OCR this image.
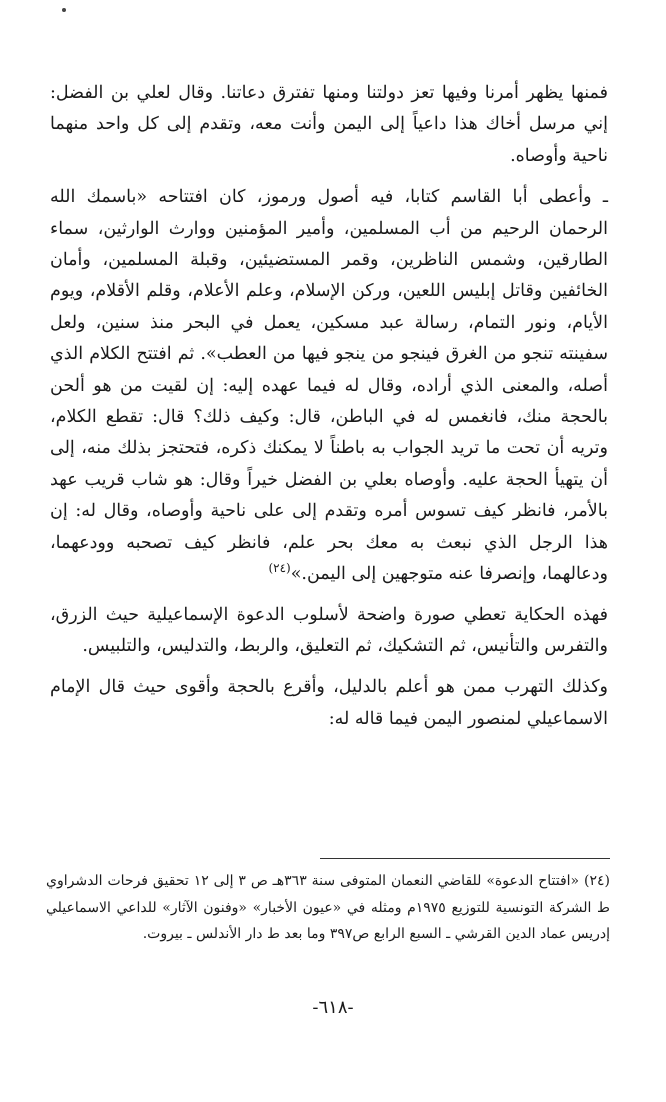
فمنها يظهر أمرنا وفيها تعز دولتنا ومنها تفترق دعاتنا. وقال لعلي بن الفضل: إني مرسل أخاك هذا داعياً إلى اليمن وأنت معه، وتقدم إلى كل واحد منهما ناحية وأوصاه.

ـ وأعطى أبا القاسم كتابا، فيه أصول ورموز، كان افتتاحه «باسمك الله الرحمان الرحيم من أب المسلمين، وأمير المؤمنين ووارث الوارثين، سماء الطارقين، وشمس الناظرين، وقمر المستضيئين، وقبلة المسلمين، وأمان الخائفين وقاتل إبليس اللعين، وركن الإسلام، وعلم الأعلام، وقلم الأقلام، ويوم الأيام، ونور التمام، رسالة عبد مسكين، يعمل في البحر منذ سنين، ولعل سفينته تنجو من الغرق فينجو من ينجو فيها من العطب». ثم افتتح الكلام الذي أصله، والمعنى الذي أراده، وقال له فيما عهده إليه: إن لقيت من هو ألحن بالحجة منك، فانغمس له في الباطن، قال: وكيف ذلك؟ قال: تقطع الكلام، وتريه أن تحت ما تريد الجواب به باطناً لا يمكنك ذكره، فتحتجز بذلك منه، إلى أن يتهيأ الحجة عليه. وأوصاه بعلي بن الفضل خيراً وقال: هو شاب قريب عهد بالأمر، فانظر كيف تسوس أمره وتقدم إلى على ناحية وأوصاه، وقال له: إن هذا الرجل الذي نبعث به معك بحر علم، فانظر كيف تصحبه وودعهما، ودعالهما، وإنصرفا عنه متوجهين إلى اليمن.»$^{(٢٤)}$

فهذه الحكاية تعطي صورة واضحة لأسلوب الدعوة الإسماعيلية حيث الزرق، والتفرس والتأنيس، ثم التشكيك، ثم التعليق، والربط، والتدليس، والتلبيس.

وكذلك التهرب ممن هو أعلم بالدليل، وأقرع بالحجة وأقوى حيث قال الإمام الاسماعيلي لمنصور اليمن فيما قاله له:

(٢٤) «افتتاح الدعوة» للقاضي النعمان المتوفى سنة ٣٦٣هـ ص ٣ إلى ١٢ تحقيق فرحات الدشراوي ط الشركة التونسية للتوزيع ١٩٧٥م ومثله في «عيون الأخبار» «وفنون الآثار» للداعي الاسماعيلي إدريس عماد الدين القرشي ـ السبع الرابع ص٣٩٧ وما بعد ط دار الأندلس ـ بيروت.

-٦١٨-
